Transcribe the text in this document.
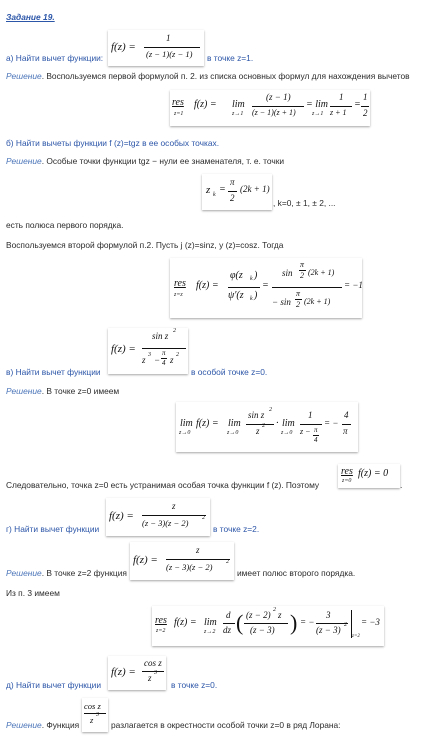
Задание 19.
а) Найти вычет функции:
f(z) =
1
(z − 1)(z − 1) в точке z=1.
Решение. Воспользуемся первой формулой п. 2. из списка основных формул для нахождения вычетов
res
z=1
f(z) = lim
z→1
(z − 1)
(z − 1)(z + 1)
= lim
z→1
1
z + 1
=
1
2
б) Найти вычеты функции f (z)=tgz в ее особых точках.
Решение. Особые точки функции tgz − нули ее знаменателя, т. е. точки
z k =
π
2
(2k + 1)
, k=0, ± 1, ± 2, ...
есть полюса первого порядка.
Воспользуемся второй формулой п.2. Пусть j (z)=sinz, y (z)=cosz. Тогда
res
z=z
f(z) =
φ(z k )
ψ′(z k )
=
sin
π
2 (2k + 1)
− sin
π
2 (2k + 1)
= −1
в) Найти вычет функции
f(z) =
sin z 2
z 3 −
π
4 z 2
в особой точке z=0.
Решение. В точке z=0 имеем
lim
z→0
f(z) = lim
z→0
sin z 2
z 2 · lim
z→0
1
z − π
4
= −
4
π
Следовательно, точка z=0 есть устранимая особая точка функции f (z). Поэтому
res
z=0
f(z) = 0
.
г) Найти вычет функции
f(z) =
z
(z − 3)(z − 2) 2
в точке z=2.
f(z) =
z
(z − 3)(z − 2) 2
Решение. В точке z=2 функция	имеет полюс второго порядка.
Из п. 3 имеем
res
z=2
f(z) = lim
z→2
d
dz ( (z − 2) 2 z
(z − 3) ) = −
3
(z − 3) 2
z=2
= −3
д) Найти вычет функции
f(z) =
cos z
z 3
в точке z=0.
Решение. Функция
cos z
z 3
разлагается в окрестности особой точки z=0 в ряд Лорана:
